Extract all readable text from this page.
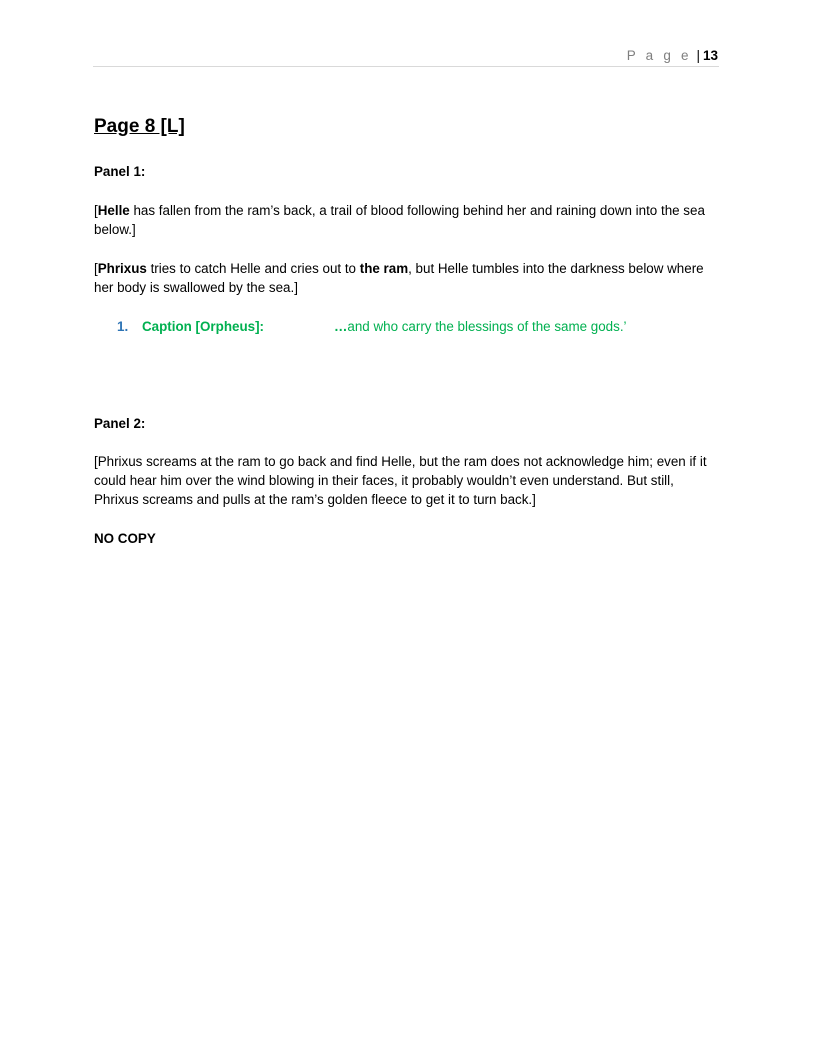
P a g e | 13
Page 8 [L]

Panel 1:

[Helle has fallen from the ram’s back, a trail of blood following behind her and raining down into the sea below.]

[Phrixus tries to catch Helle and cries out to the ram, but Helle tumbles into the darkness below where her body is swallowed by the sea.]

1. Caption [Orpheus]:	…and who carry the blessings of the same gods.’

Panel 2:

[Phrixus screams at the ram to go back and find Helle, but the ram does not acknowledge him; even if it could hear him over the wind blowing in their faces, it probably wouldn’t even understand. But still, Phrixus screams and pulls at the ram’s golden fleece to get it to turn back.]

NO COPY
